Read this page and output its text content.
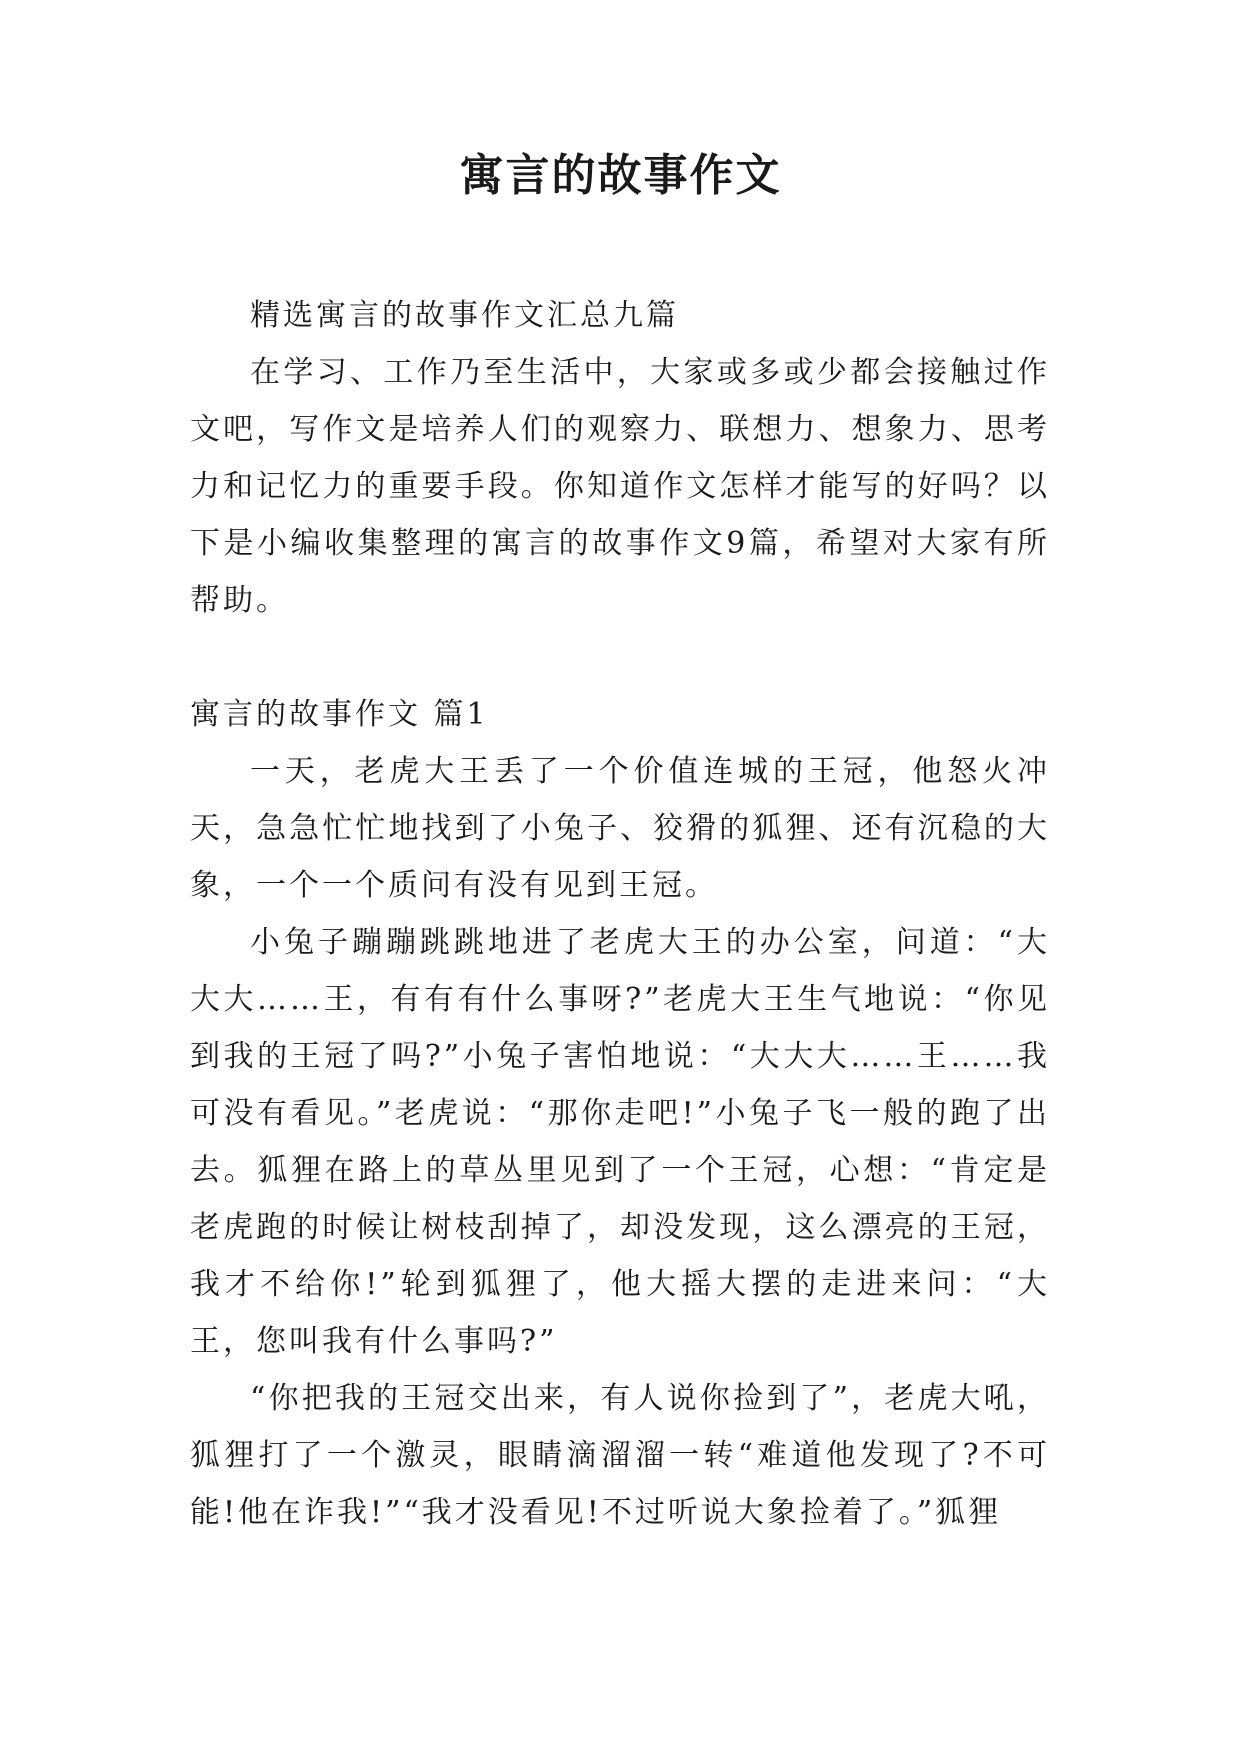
寓言的故事作文

精选寓言的故事作文汇总九篇

在学习、工作乃至生活中，大家或多或少都会接触过作文吧，写作文是培养人们的观察力、联想力、想象力、思考力和记忆力的重要手段。你知道作文怎样才能写的好吗？以下是小编收集整理的寓言的故事作文9篇，希望对大家有所帮助。

寓言的故事作文 篇1

一天，老虎大王丢了一个价值连城的王冠，他怒火冲天，急急忙忙地找到了小兔子、狡猾的狐狸、还有沉稳的大象，一个一个质问有没有见到王冠。

小兔子蹦蹦跳跳地进了老虎大王的办公室，问道：“大大大……王，有有有什么事呀?”老虎大王生气地说：“你见到我的王冠了吗?”小兔子害怕地说：“大大大……王……我可没有看见。”老虎说：“那你走吧!”小兔子飞一般的跑了出去。狐狸在路上的草丛里见到了一个王冠，心想：“肯定是老虎跑的时候让树枝刮掉了，却没发现，这么漂亮的王冠，我才不给你!”轮到狐狸了，他大摇大摆的走进来问：“大王，您叫我有什么事吗?”

“你把我的王冠交出来，有人说你捡到了”，老虎大吼，狐狸打了一个激灵，眼睛滴溜溜一转“难道他发现了?不可能!他在诈我!”“我才没看见!不过听说大象捡着了。”狐狸
